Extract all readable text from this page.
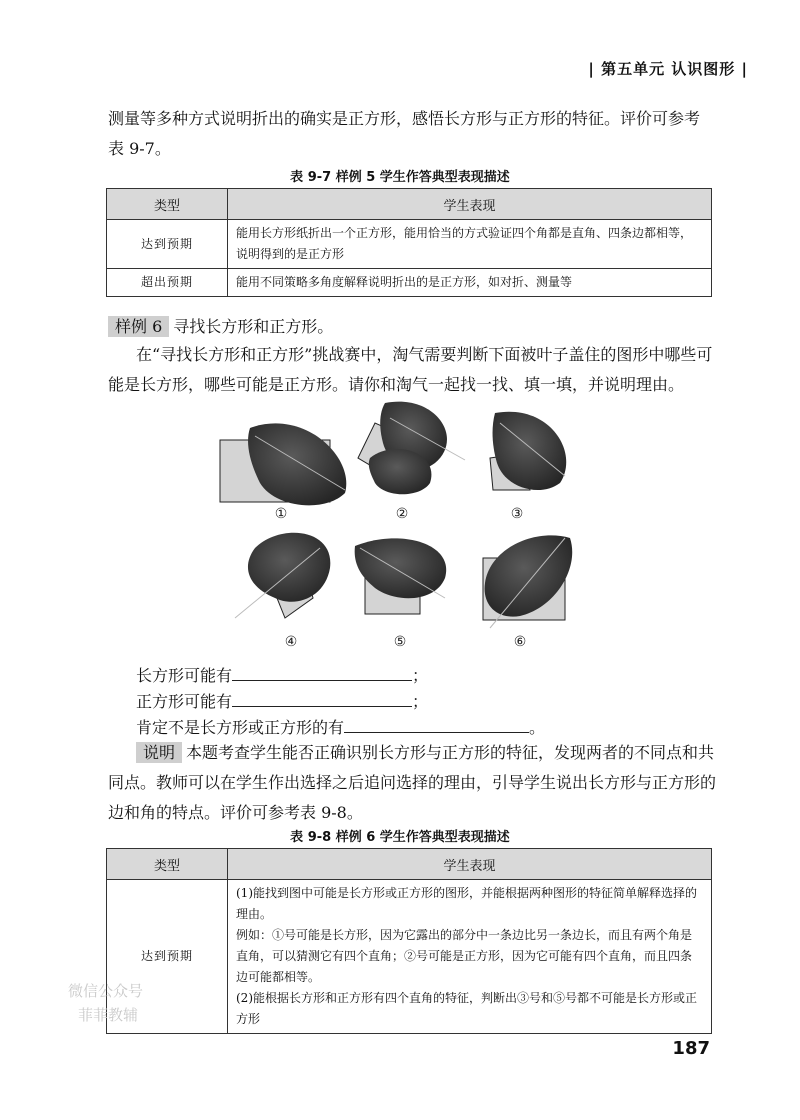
| 第五单元 认识图形 |
测量等多种方式说明折出的确实是正方形，感悟长方形与正方形的特征。评价可参考
表 9-7。
表 9-7 样例 5 学生作答典型表现描述
类型	学生表现
达到预期	能用长方形纸折出一个正方形，能用恰当的方式验证四个角都是直角、四条边都相等，说明得到的是正方形
超出预期	能用不同策略多角度解释说明折出的是正方形，如对折、测量等
样例 6 寻找长方形和正方形。
在“寻找长方形和正方形”挑战赛中，淘气需要判断下面被叶子盖住的图形中哪些可
能是长方形，哪些可能是正方形。请你和淘气一起找一找、填一填，并说明理由。
①	②	③
④	⑤	⑥
长方形可能有	；
正方形可能有	；
肯定不是长方形或正方形的有	。
说明 本题考查学生能否正确识别长方形与正方形的特征，发现两者的不同点和共
同点。教师可以在学生作出选择之后追问选择的理由，引导学生说出长方形与正方形的
边和角的特点。评价可参考表 9-8。
表 9-8 样例 6 学生作答典型表现描述
类型	学生表现
达到预期	(1)能找到图中可能是长方形或正方形的图形，并能根据两种图形的特征简单解释选择的理由。
例如：①号可能是长方形，因为它露出的部分中一条边比另一条边长，而且有两个角是直角，可以猜测它有四个直角；②号可能是正方形，因为它可能有四个直角，而且四条边可能都相等。
(2)能根据长方形和正方形有四个直角的特征，判断出③号和⑤号都不可能是长方形或正方形
微信公众号
菲菲教辅
187
